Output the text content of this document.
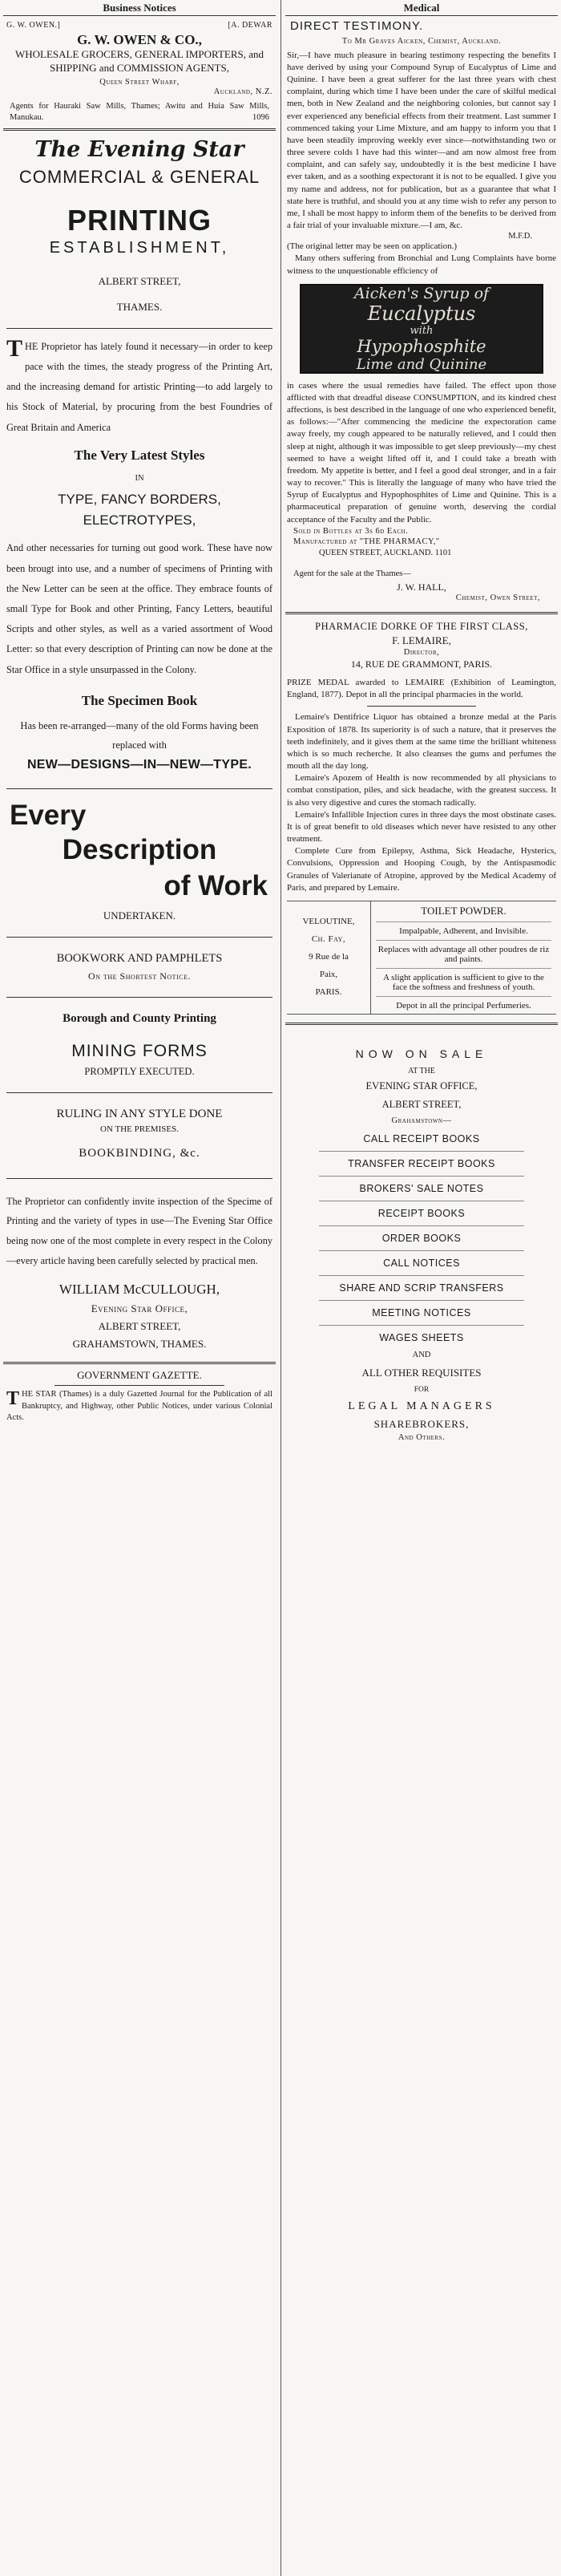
Business Notices
G. W. OWEN.]	[A. DEWAR
G. W. OWEN & CO.,
WHOLESALE GROCERS, GENERAL IMPORTERS, and
SHIPPING and COMMISSION AGENTS,
Queen Street Wharf,
Auckland, N.Z.
Agents for Hauraki Saw Mills, Thames; Awitu and Huia Saw Mills, Manukau.	1096
The Evening Star
COMMERCIAL & GENERAL
PRINTING
ESTABLISHMENT,
ALBERT STREET,
THAMES.

THE Proprietor has lately found it necessary—in order to keep pace with the times, the steady progress of the Printing Art, and the increasing demand for artistic Printing—to add largely to his Stock of Material, by procuring from the best Foundries of Great Britain and America

The Very Latest Styles
IN
TYPE, FANCY BORDERS,
ELECTROTYPES,

And other necessaries for turning out good work. These have now been brougt into use, and a number of specimens of Printing with the New Letter can be seen at the office. They embrace founts of small Type for Book and other Printing, Fancy Letters, beautiful Scripts and other styles, as well as a varied assortment of Wood Letter: so that every description of Printing can now be done at the Star Office in a style unsurpassed in the Colony.

The Specimen Book
Has been re-arranged—many of the old Forms having been replaced with
NEW—DESIGNS—IN—NEW—TYPE.
Every
Description
of Work
UNDERTAKEN.
BOOKWORK AND PAMPHLETS
On the Shortest Notice.
Borough and County Printing
MINING FORMS
PROMPTLY EXECUTED.
RULING IN ANY STYLE DONE
ON THE PREMISES.
BOOKBINDING, &c.

The Proprietor can confidently invite inspection of the Specime of Printing and the variety of types in use—The Evening Star Office being now one of the most complete in every respect in the Colony—every article having been carefully selected by practical men.

WILLIAM McCULLOUGH,
Evening Star Office,
ALBERT STREET,
GRAHAMSTOWN, THAMES.
GOVERNMENT GAZETTE.

THE STAR (Thames) is a duly Gazetted Journal for the Publication of all Bankruptcy, and Highway, other Public Notices, under various Colonial Acts.

Medical
DIRECT TESTIMONY.
To Mr Graves Aicken, Chemist, Auckland.

Sir,—I have much pleasure in bearing testimony respecting the benefits I have derived by using your Compound Syrup of Eucalyptus of Lime and Quinine. I have been a great sufferer for the last three years with chest complaint, during which time I have been under the care of skilful medical men, both in New Zealand and the neighboring colonies, but cannot say I ever experienced any beneficial effects from their treatment. Last summer I commenced taking your Lime Mixture, and am happy to inform you that I have been steadily improving weekly ever since—notwithstanding two or three severe colds I have had this winter—and am now almost free from complaint, and can safely say, undoubtedly it is the best medicine I have ever taken, and as a soothing expectorant it is not to be equalled. I give you my name and address, not for publication, but as a guarantee that what I state here is truthful, and should you at any time wish to refer any person to me, I shall be most happy to inform them of the benefits to be derived from a fair trial of your invaluable mixture.—I am, &c.

M.F.D.

(The original letter may be seen on application.)

Many others suffering from Bronchial and Lung Complaints have borne witness to the unquestionable efficiency of

Aicken's Syrup of
Eucalyptus
with
Hypophosphite
Lime and Quinine

in cases where the usual remedies have failed. The effect upon those afflicted with that dreadful disease CONSUMPTION, and its kindred chest affections, is best described in the language of one who experienced benefit, as follows:—"After commencing the medicine the expectoration came away freely, my cough appeared to be naturally relieved, and I could then sleep at night, although it was impossible to get sleep previously—my chest seemed to have a weight lifted off it, and I could take a breath with freedom. My appetite is better, and I feel a good deal stronger, and in a fair way to recover." This is literally the language of many who have tried the Syrup of Eucalyptus and Hypophosphites of Lime and Quinine. This is a pharmaceutical preparation of genuine worth, deserving the cordial acceptance of the Faculty and the Public.

Sold in Bottles at 3s 6d Each.
Manufactured at "THE PHARMACY,"
QUEEN STREET, AUCKLAND. 1101
Agent for the sale at the Thames—
J. W. HALL,
Chemist, Owen Street,
PHARMACIE DORKE OF THE FIRST CLASS,
F. LEMAIRE,
Director,
14, RUE DE GRAMMONT, PARIS.

PRIZE MEDAL awarded to LEMAIRE (Exhibition of Leamington, England, 1877). Depot in all the principal pharmacies in the world.

Lemaire's Dentifrice Liquor has obtained a bronze medal at the Paris Exposition of 1878. Its superiority is of such a nature, that it preserves the teeth indefinitely, and it gives them at the same time the brilliant whiteness which is so much recherche. It also cleanses the gums and perfumes the mouth all the day long.

Lemaire's Apozem of Health is now recommended by all physicians to combat constipation, piles, and sick headache, with the greatest success. It is also very digestive and cures the stomach radically.

Lemaire's Infallible Injection cures in three days the most obstinate cases. It is of great benefit to old diseases which never have resisted to any other treatment.

Complete Cure from Epilepsy, Asthma, Sick Headache, Hysterics, Convulsions, Oppression and Hooping Cough, by the Antispasmodic Granules of Valerianate of Atropine, approved by the Medical Academy of Paris, and prepared by Lemaire.

VELOUTINE,
Ch. Fay,
9 Rue de la
Paix,
PARIS.
TOILET POWDER.
Impalpable, Adherent, and Invisible.
Replaces with advantage all other poudres de riz and paints.
A slight application is sufficient to give to the face the softness and freshness of youth.
Depot in all the principal Perfumeries.
NOW ON SALE
AT THE
EVENING STAR OFFICE,
ALBERT STREET,
Grahamstown—
CALL RECEIPT BOOKS
TRANSFER RECEIPT BOOKS
BROKERS' SALE NOTES
RECEIPT BOOKS
ORDER BOOKS
CALL NOTICES
SHARE AND SCRIP TRANSFERS
MEETING NOTICES
WAGES SHEETS
AND
ALL OTHER REQUISITES
FOR
LEGAL MANAGERS
SHAREBROKERS,
And Others.
